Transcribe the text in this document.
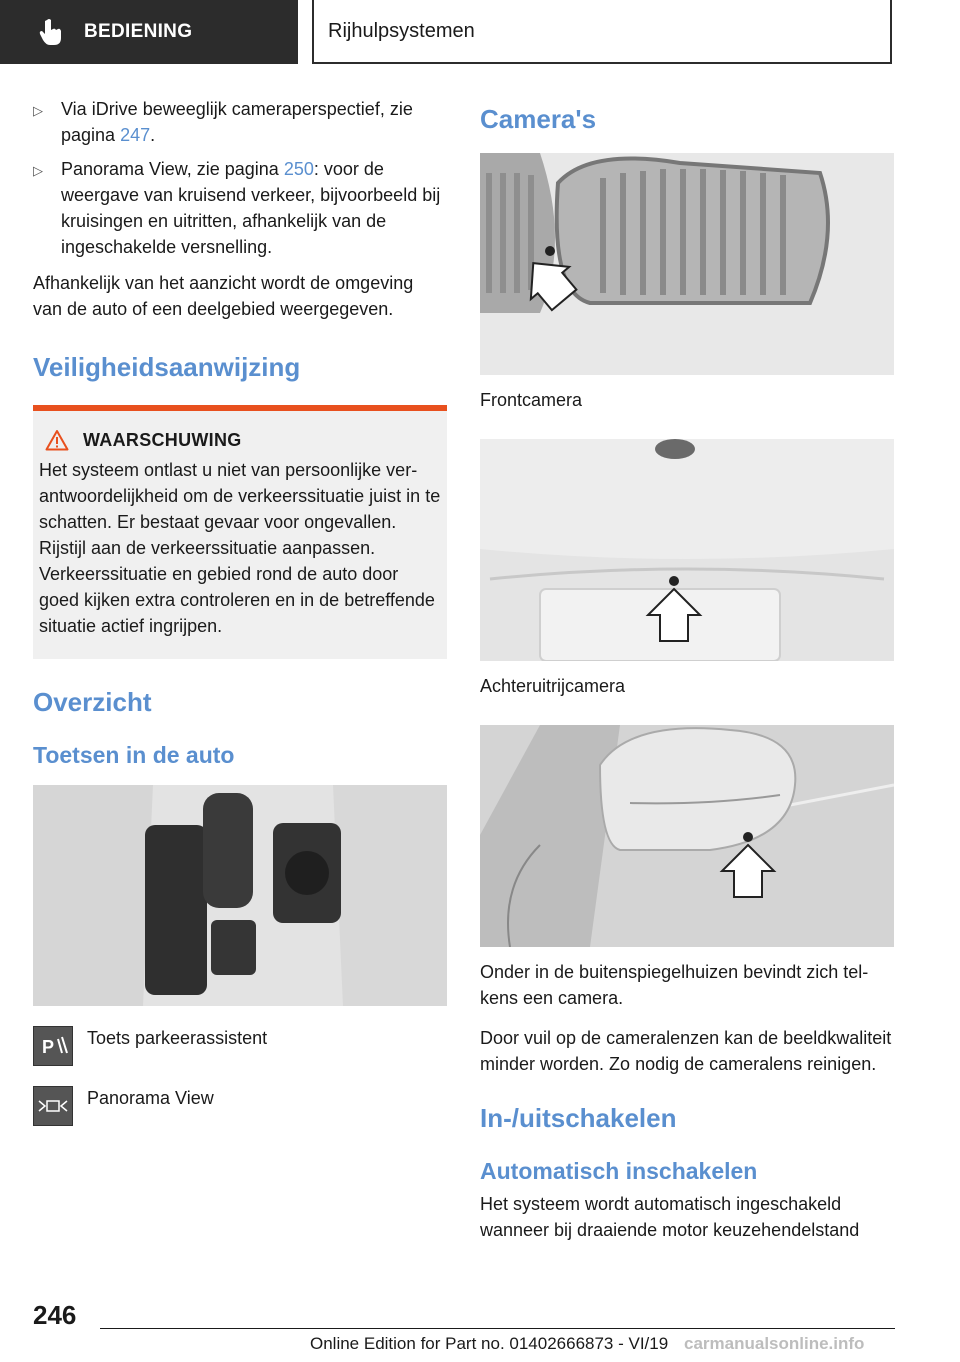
BEDIENING	Rijhulpsystemen
▷ Via iDrive beweeglijk cameraperspectief, zie pagina 247.
▷ Panorama View, zie pagina 250: voor de weergave van kruisend verkeer, bijvoorbeeld bij kruisingen en uitritten, afhankelijk van de ingeschakelde versnelling.

Afhankelijk van het aanzicht wordt de omgeving van de auto of een deelgebied weergegeven.

Veiligheidsaanwijzing
WAARSCHUWING

Het systeem ontlast u niet van persoonlijke verantwoordelijkheid om de verkeerssituatie juist in te schatten. Er bestaat gevaar voor ongevallen. Rijstijl aan de verkeerssituatie aanpassen. Verkeerssituatie en gebied rond de auto door goed kijken extra controleren en in de betreffende situatie actief ingrijpen.

Overzicht
Toetsen in de auto
P Toets parkeerassistent
Panorama View
Camera's

Frontcamera

Achteruitrijcamera

Onder in de buitenspiegelhuizen bevindt zich telkens een camera.

Door vuil op de cameralenzen kan de beeldkwaliteit minder worden. Zo nodig de cameralens reinigen.

In-/uitschakelen
Automatisch inschakelen

Het systeem wordt automatisch ingeschakeld wanneer bij draaiende motor keuzehendelstand

246
Online Edition for Part no. 01402666873 - VI/19 carmanualsonline.info
